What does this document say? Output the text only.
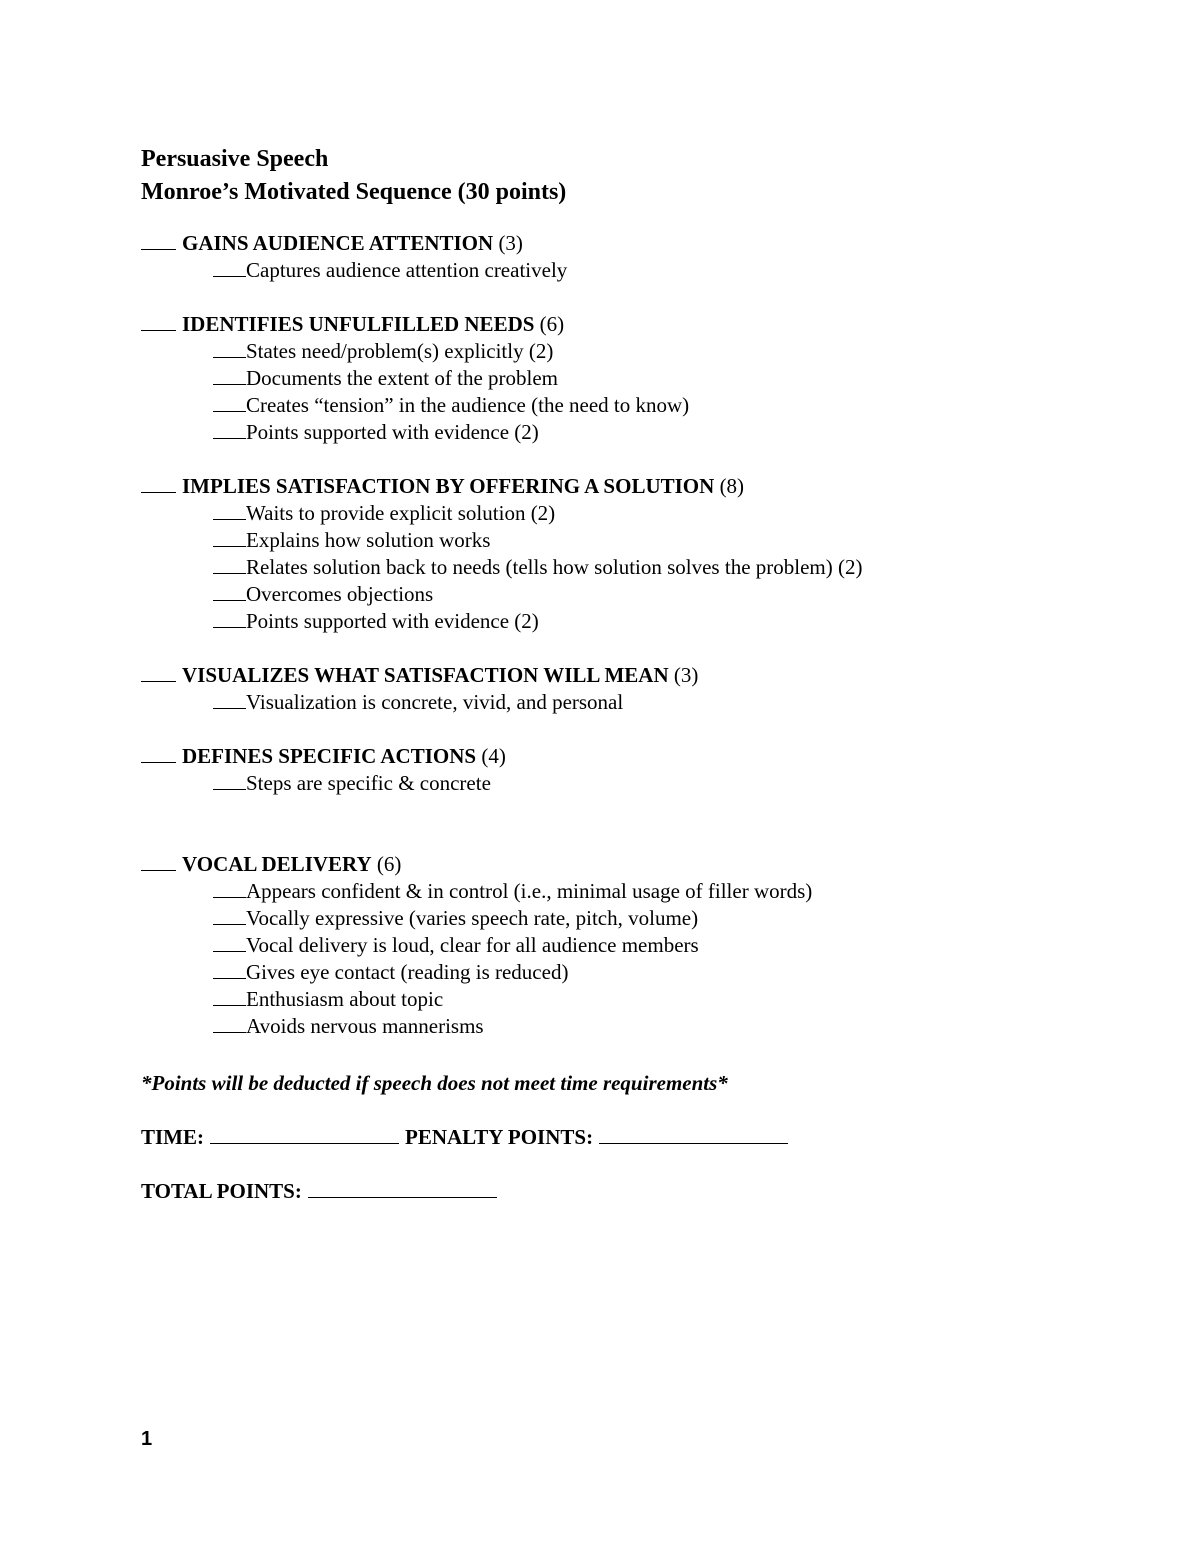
Persuasive Speech
Monroe’s Motivated Sequence (30 points)
GAINS AUDIENCE ATTENTION (3)
Captures audience attention creatively
IDENTIFIES UNFULFILLED NEEDS (6)
States need/problem(s) explicitly (2)
Documents the extent of the problem
Creates “tension” in the audience (the need to know)
Points supported with evidence (2)
IMPLIES SATISFACTION BY OFFERING A SOLUTION (8)
Waits to provide explicit solution (2)
Explains how solution works
Relates solution back to needs (tells how solution solves the problem) (2)
Overcomes objections
Points supported with evidence (2)
VISUALIZES WHAT SATISFACTION WILL MEAN (3)
Visualization is concrete, vivid, and personal
DEFINES SPECIFIC ACTIONS (4)
Steps are specific & concrete
VOCAL DELIVERY (6)
Appears confident & in control (i.e., minimal usage of filler words)
Vocally expressive (varies speech rate, pitch, volume)
Vocal delivery is loud, clear for all audience members
Gives eye contact (reading is reduced)
Enthusiasm about topic
Avoids nervous mannerisms
*Points will be deducted if speech does not meet time requirements*
TIME:	PENALTY POINTS:
TOTAL POINTS:
1
